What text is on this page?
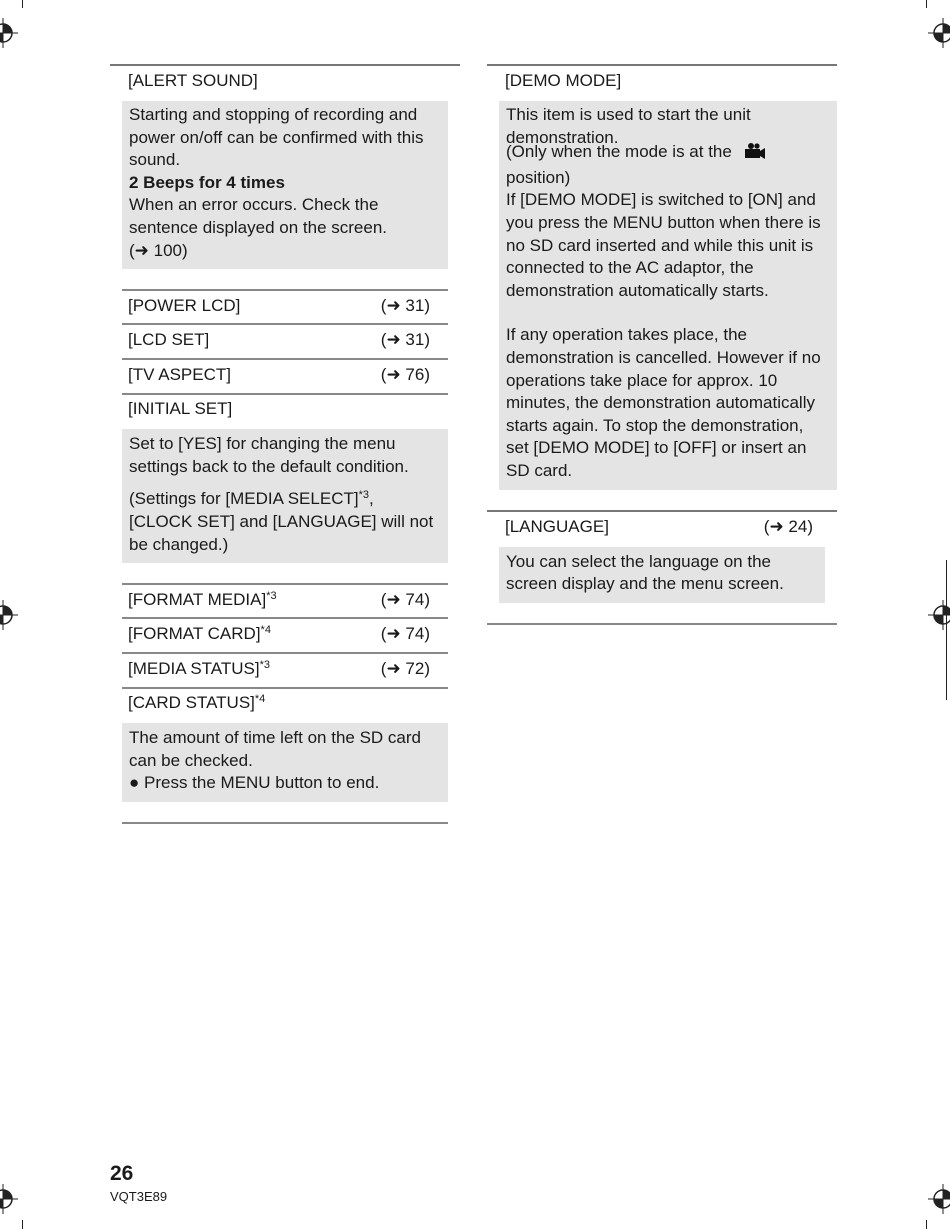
[ALERT SOUND]

Starting and stopping of recording and power on/off can be confirmed with this sound.

2 Beeps for 4 times
When an error occurs. Check the sentence displayed on the screen.
(➜ 100)
[POWER LCD]	(➜ 31)
[LCD SET]	(➜ 31)
[TV ASPECT]	(➜ 76)
[INITIAL SET]

Set to [YES] for changing the menu settings back to the default condition.

(Settings for [MEDIA SELECT]$^{*3}$, [CLOCK SET] and [LANGUAGE] will not be changed.)

[FORMAT MEDIA]$^{*3}$	(➜ 74)
[FORMAT CARD]$^{*4}$	(➜ 74)
[MEDIA STATUS]$^{*3}$	(➜ 72)
[CARD STATUS]$^{*4}$

The amount of time left on the SD card can be checked.

● Press the MENU button to end.
[DEMO MODE]

This item is used to start the unit demonstration.

(Only when the mode is at the
position)

If [DEMO MODE] is switched to [ON] and you press the MENU button when there is no SD card inserted and while this unit is connected to the AC adaptor, the demonstration automatically starts.

If any operation takes place, the demonstration is cancelled. However if no operations take place for approx. 10 minutes, the demonstration automatically starts again. To stop the demonstration, set [DEMO MODE] to [OFF] or insert an SD card.

[LANGUAGE]	(➜ 24)

You can select the language on the screen display and the menu screen.

26
VQT3E89
